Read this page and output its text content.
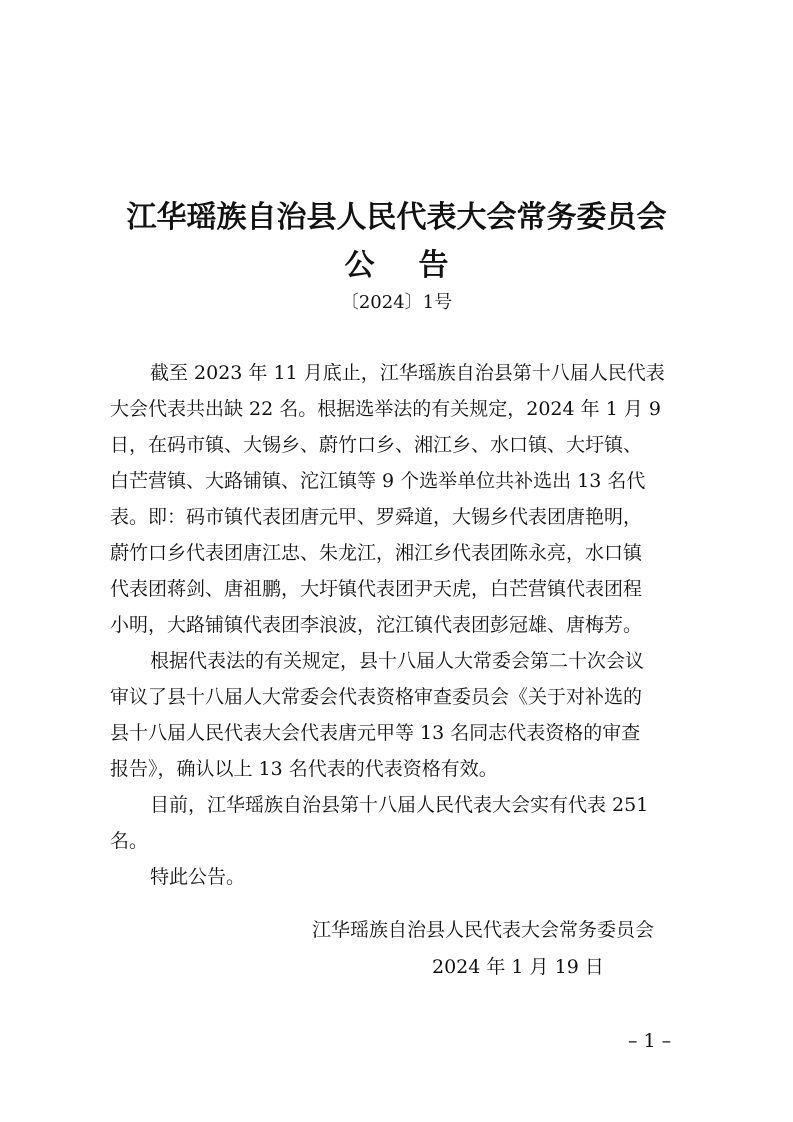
江华瑶族自治县人民代表大会常务委员会
公告
〔2024〕1号
截至 2023 年 11 月底止，江华瑶族自治县第十八届人民代表
大会代表共出缺 22 名。根据选举法的有关规定，2024 年 1 月 9
日，在码市镇、大锡乡、蔚竹口乡、湘江乡、水口镇、大圩镇、
白芒营镇、大路铺镇、沱江镇等 9 个选举单位共补选出 13 名代
表。即：码市镇代表团唐元甲、罗舜道，大锡乡代表团唐艳明，
蔚竹口乡代表团唐江忠、朱龙江，湘江乡代表团陈永亮，水口镇
代表团蒋剑、唐祖鹏，大圩镇代表团尹天虎，白芒营镇代表团程
小明，大路铺镇代表团李浪波，沱江镇代表团彭冠雄、唐梅芳。
根据代表法的有关规定，县十八届人大常委会第二十次会议
审议了县十八届人大常委会代表资格审查委员会《关于对补选的
县十八届人民代表大会代表唐元甲等 13 名同志代表资格的审查
报告》，确认以上 13 名代表的代表资格有效。
目前，江华瑶族自治县第十八届人民代表大会实有代表 251
名。
特此公告。
江华瑶族自治县人民代表大会常务委员会
2024 年 1 月 19 日
– 1 –
